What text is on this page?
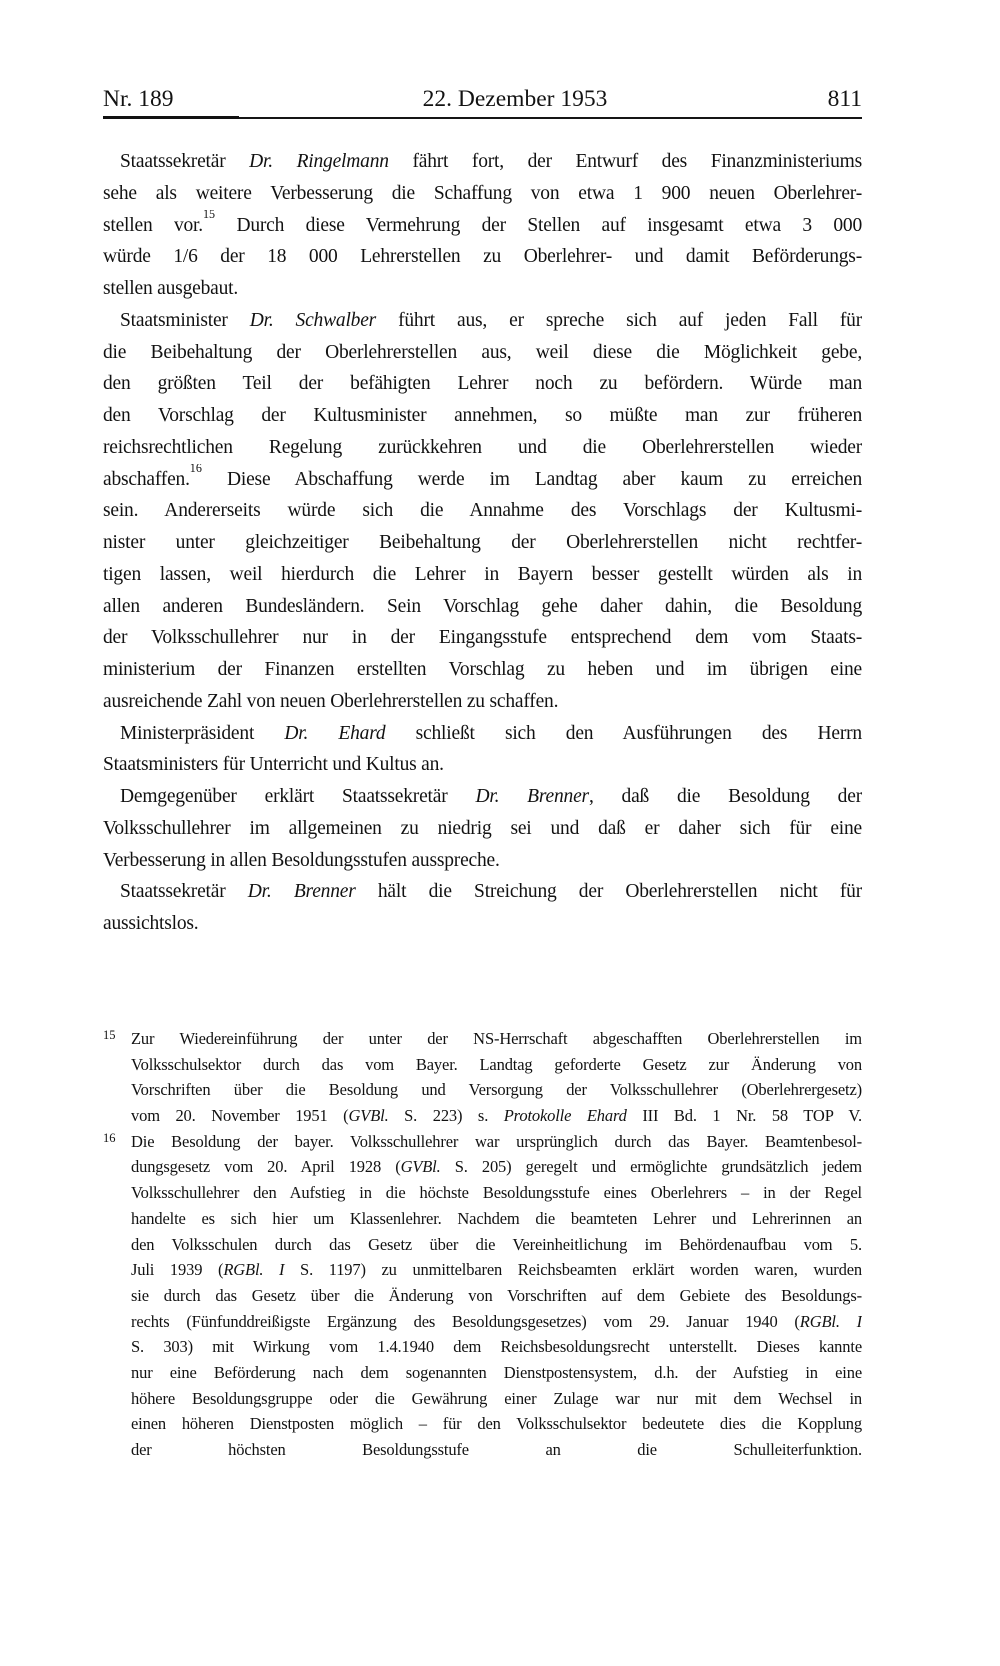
Nr. 189	22. Dezember 1953	811
Staatssekretär Dr. Ringelmann fährt fort, der Entwurf des Finanzministeriums
sehe als weitere Verbesserung die Schaffung von etwa 1 900 neuen Oberlehrer-
stellen vor.$^{15}$ Durch diese Vermehrung der Stellen auf insgesamt etwa 3 000
würde 1/6 der 18 000 Lehrerstellen zu Oberlehrer- und damit Beförderungs-
stellen ausgebaut.
Staatsminister Dr. Schwalber führt aus, er spreche sich auf jeden Fall für
die Beibehaltung der Oberlehrerstellen aus, weil diese die Möglichkeit gebe,
den größten Teil der befähigten Lehrer noch zu befördern. Würde man
den Vorschlag der Kultusminister annehmen, so müßte man zur früheren
reichsrechtlichen Regelung zurückkehren und die Oberlehrerstellen wieder
abschaffen.$^{16}$ Diese Abschaffung werde im Landtag aber kaum zu erreichen
sein. Andererseits würde sich die Annahme des Vorschlags der Kultusmi-
nister unter gleichzeitiger Beibehaltung der Oberlehrerstellen nicht rechtfer-
tigen lassen, weil hierdurch die Lehrer in Bayern besser gestellt würden als in
allen anderen Bundesländern. Sein Vorschlag gehe daher dahin, die Besoldung
der Volksschullehrer nur in der Eingangsstufe entsprechend dem vom Staats-
ministerium der Finanzen erstellten Vorschlag zu heben und im übrigen eine
ausreichende Zahl von neuen Oberlehrerstellen zu schaffen.
Ministerpräsident Dr. Ehard schließt sich den Ausführungen des Herrn
Staatsministers für Unterricht und Kultus an.
Demgegenüber erklärt Staatssekretär Dr. Brenner, daß die Besoldung der
Volksschullehrer im allgemeinen zu niedrig sei und daß er daher sich für eine
Verbesserung in allen Besoldungsstufen ausspreche.
Staatssekretär Dr. Brenner hält die Streichung der Oberlehrerstellen nicht für
aussichtslos.
15 Zur Wiedereinführung der unter der NS-Herrschaft abgeschafften Oberlehrerstellen im
Volksschulsektor durch das vom Bayer. Landtag geforderte Gesetz zur Änderung von
Vorschriften über die Besoldung und Versorgung der Volksschullehrer (Oberlehrergesetz)
vom 20. November 1951 (GVBl. S. 223) s. Protokolle Ehard III Bd. 1 Nr. 58 TOP V.
16 Die Besoldung der bayer. Volksschullehrer war ursprünglich durch das Bayer. Beamtenbesol-
dungsgesetz vom 20. April 1928 (GVBl. S. 205) geregelt und ermöglichte grundsätzlich jedem
Volksschullehrer den Aufstieg in die höchste Besoldungsstufe eines Oberlehrers – in der Regel
handelte es sich hier um Klassenlehrer. Nachdem die beamteten Lehrer und Lehrerinnen an
den Volksschulen durch das Gesetz über die Vereinheitlichung im Behördenaufbau vom 5.
Juli 1939 (RGBl. I S. 1197) zu unmittelbaren Reichsbeamten erklärt worden waren, wurden
sie durch das Gesetz über die Änderung von Vorschriften auf dem Gebiete des Besoldungs-
rechts (Fünfunddreißigste Ergänzung des Besoldungsgesetzes) vom 29. Januar 1940 (RGBl. I
S. 303) mit Wirkung vom 1.4.1940 dem Reichsbesoldungsrecht unterstellt. Dieses kannte
nur eine Beförderung nach dem sogenannten Dienstpostensystem, d.h. der Aufstieg in eine
höhere Besoldungsgruppe oder die Gewährung einer Zulage war nur mit dem Wechsel in
einen höheren Dienstposten möglich – für den Volksschulsektor bedeutete dies die Kopplung
der höchsten Besoldungsstufe an die Schulleiterfunktion.
